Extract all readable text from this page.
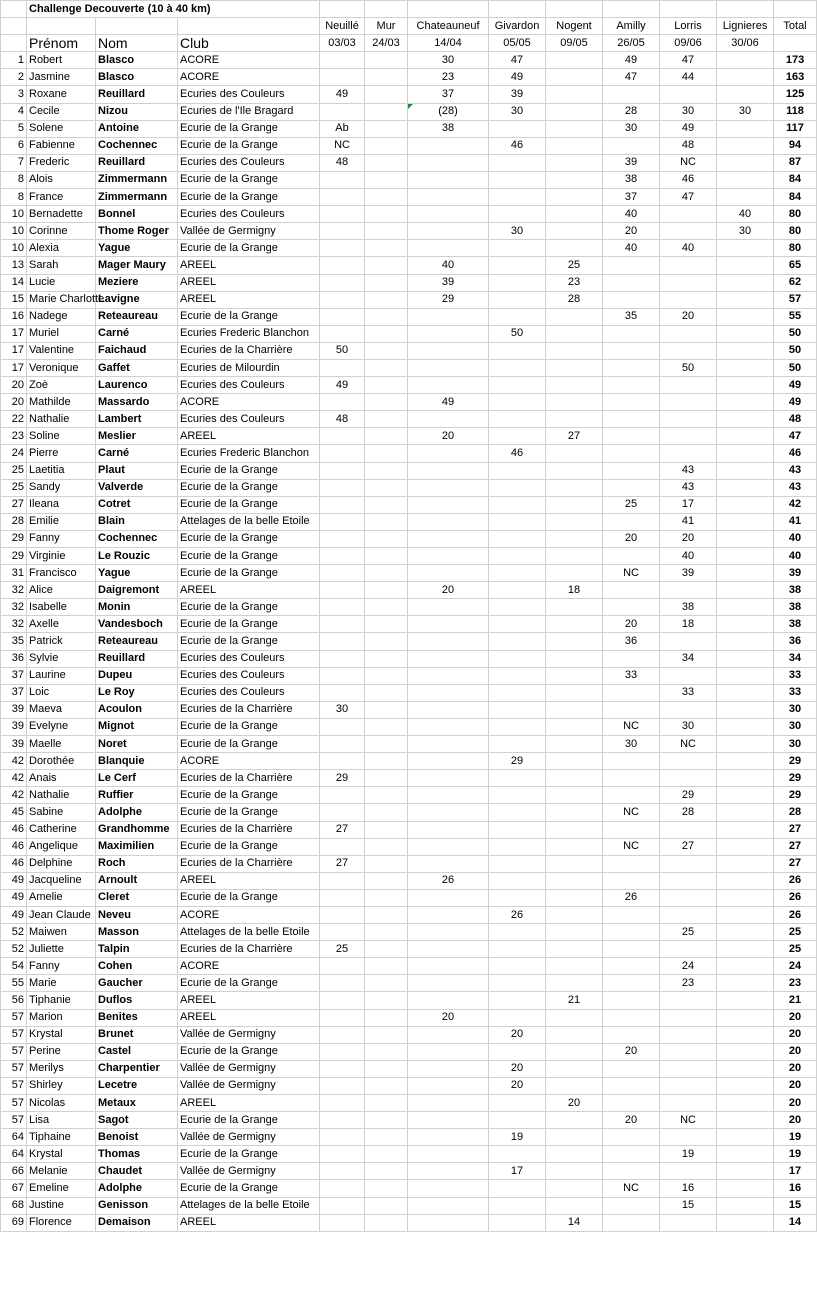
	Challenge Decouverte (10 à 40 km)											
				Neuillé	Mur	Chateauneuf	Givardon	Nogent	Amilly	Lorris	Lignieres	Total
	Prénom	Nom	Club	03/03	24/03	14/04	05/05	09/05	26/05	09/06	30/06	
1	Robert	Blasco	ACORE			30	47		49	47		173
2	Jasmine	Blasco	ACORE			23	49		47	44		163
3	Roxane	Reuillard	Ecuries des Couleurs	49		37	39					125
4	Cecile	Nizou	Ecuries de l'Ile Bragard			(28)	30		28	30	30	118
5	Solene	Antoine	Ecurie de la Grange	Ab		38			30	49		117
6	Fabienne	Cochennec	Ecurie de la Grange	NC			46			48		94
7	Frederic	Reuillard	Ecuries des Couleurs	48					39	NC		87
8	Alois	Zimmermann	Ecurie de la Grange						38	46		84
8	France	Zimmermann	Ecurie de la Grange						37	47		84
10	Bernadette	Bonnel	Ecuries des Couleurs						40		40	80
10	Corinne	Thome Roger	Vallée de Germigny				30		20		30	80
10	Alexia	Yague	Ecurie de la Grange						40	40		80
13	Sarah	Mager Maury	AREEL			40		25				65
14	Lucie	Meziere	AREEL			39		23				62
15	Marie Charlotte	Lavigne	AREEL			29		28				57
16	Nadege	Reteaureau	Ecurie de la Grange						35	20		55
17	Muriel	Carné	Ecuries Frederic Blanchon				50					50
17	Valentine	Faichaud	Ecuries de la Charrière	50								50
17	Veronique	Gaffet	Ecuries de Milourdin							50		50
20	Zoè	Laurenco	Ecuries des Couleurs	49								49
20	Mathilde	Massardo	ACORE			49						49
22	Nathalie	Lambert	Ecuries des Couleurs	48								48
23	Soline	Meslier	AREEL			20		27				47
24	Pierre	Carné	Ecuries Frederic Blanchon				46					46
25	Laetitia	Plaut	Ecurie de la Grange							43		43
25	Sandy	Valverde	Ecurie de la Grange							43		43
27	Ileana	Cotret	Ecurie de la Grange						25	17		42
28	Emilie	Blain	Attelages de la belle Etoile							41		41
29	Fanny	Cochennec	Ecurie de la Grange						20	20		40
29	Virginie	Le Rouzic	Ecurie de la Grange							40		40
31	Francisco	Yague	Ecurie de la Grange						NC	39		39
32	Alice	Daigremont	AREEL			20		18				38
32	Isabelle	Monin	Ecurie de la Grange							38		38
32	Axelle	Vandesboch	Ecurie de la Grange						20	18		38
35	Patrick	Reteaureau	Ecurie de la Grange						36			36
36	Sylvie	Reuillard	Ecuries des Couleurs							34		34
37	Laurine	Dupeu	Ecuries des Couleurs						33			33
37	Loic	Le Roy	Ecuries des Couleurs							33		33
39	Maeva	Acoulon	Ecuries de la Charrière	30								30
39	Evelyne	Mignot	Ecurie de la Grange						NC	30		30
39	Maelle	Noret	Ecurie de la Grange						30	NC		30
42	Dorothée	Blanquie	ACORE				29					29
42	Anais	Le Cerf	Ecuries de la Charrière	29								29
42	Nathalie	Ruffier	Ecurie de la Grange							29		29
45	Sabine	Adolphe	Ecurie de la Grange						NC	28		28
46	Catherine	Grandhomme	Ecuries de la Charrière	27								27
46	Angelique	Maximilien	Ecurie de la Grange						NC	27		27
46	Delphine	Roch	Ecuries de la Charrière	27								27
49	Jacqueline	Arnoult	AREEL			26						26
49	Amelie	Cleret	Ecurie de la Grange						26			26
49	Jean Claude	Neveu	ACORE				26					26
52	Maiwen	Masson	Attelages de la belle Etoile							25		25
52	Juliette	Talpin	Ecuries de la Charrière	25								25
54	Fanny	Cohen	ACORE							24		24
55	Marie	Gaucher	Ecurie de la Grange							23		23
56	Tiphanie	Duflos	AREEL					21				21
57	Marion	Benites	AREEL			20						20
57	Krystal	Brunet	Vallée de Germigny				20					20
57	Perine	Castel	Ecurie de la Grange						20			20
57	Merilys	Charpentier	Vallée de Germigny				20					20
57	Shirley	Lecetre	Vallée de Germigny				20					20
57	Nicolas	Metaux	AREEL					20				20
57	Lisa	Sagot	Ecurie de la Grange						20	NC		20
64	Tiphaine	Benoist	Vallée de Germigny				19					19
64	Krystal	Thomas	Ecurie de la Grange							19		19
66	Melanie	Chaudet	Vallée de Germigny				17					17
67	Emeline	Adolphe	Ecurie de la Grange						NC	16		16
68	Justine	Genisson	Attelages de la belle Etoile							15		15
69	Florence	Demaison	AREEL					14				14
